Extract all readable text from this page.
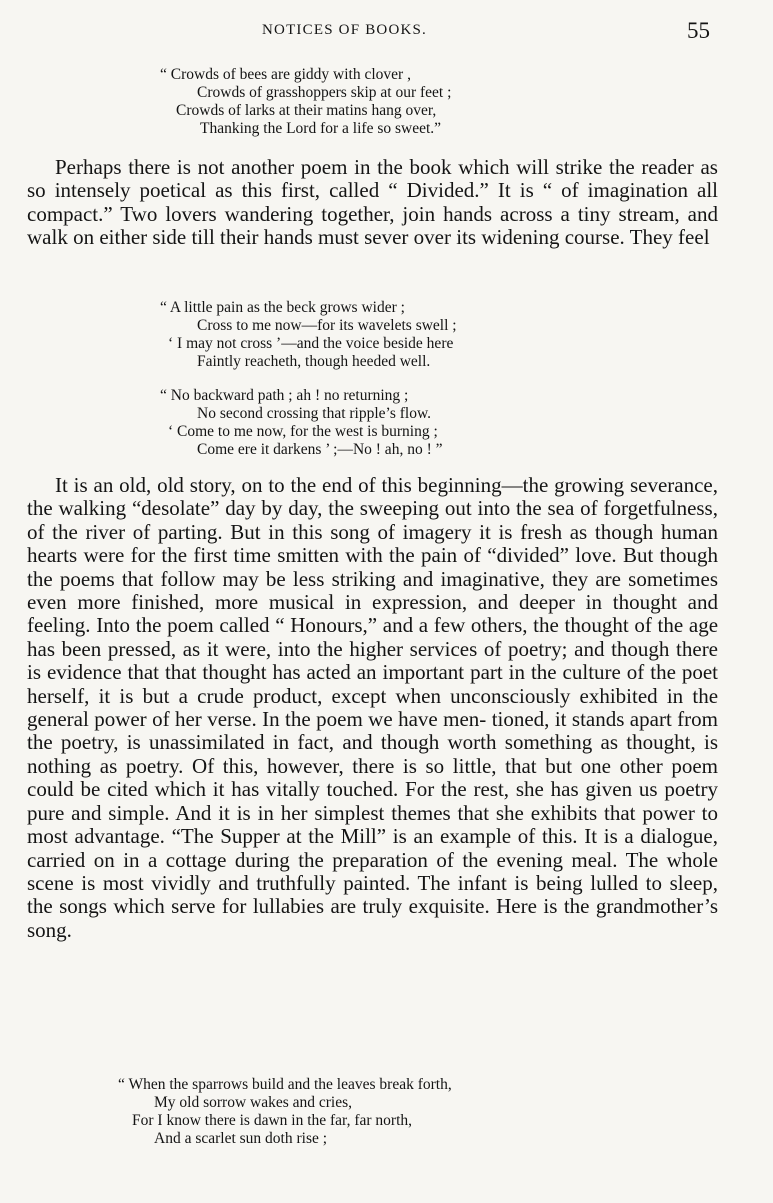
NOTICES OF BOOKS.	55
“ Crowds of bees are giddy with clover ,
Crowds of grasshoppers skip at our feet ;
Crowds of larks at their matins hang over,
Thanking the Lord for a life so sweet.”

Perhaps there is not another poem in the book which will strike the reader as so intensely poetical as this first, called “ Divided.” It is “ of imagination all compact.” Two lovers wandering together, join hands across a tiny stream, and walk on either side till their hands must sever over its widening course. They feel

“ A little pain as the beck grows wider ;
Cross to me now—for its wavelets swell ;
‘ I may not cross ’—and the voice beside here
Faintly reacheth, though heeded well.
“ No backward path ; ah ! no returning ;
No second crossing that ripple’s flow.
‘ Come to me now, for the west is burning ;
Come ere it darkens ’ ;—No ! ah, no ! ”

It is an old, old story, on to the end of this beginning—the growing severance, the walking “desolate” day by day, the sweeping out into the sea of forgetfulness, of the river of parting. But in this song of imagery it is fresh as though human hearts were for the first time smitten with the pain of “divided” love. But though the poems that follow may be less striking and imaginative, they are sometimes even more finished, more musical in expression, and deeper in thought and feeling. Into the poem called “ Honours,” and a few others, the thought of the age has been pressed, as it were, into the higher services of poetry; and though there is evidence that that thought has acted an important part in the culture of the poet herself, it is but a crude product, except when unconsciously exhibited in the general power of her verse. In the poem we have men- tioned, it stands apart from the poetry, is unassimilated in fact, and though worth something as thought, is nothing as poetry. Of this, however, there is so little, that but one other poem could be cited which it has vitally touched. For the rest, she has given us poetry pure and simple. And it is in her simplest themes that she exhibits that power to most advantage. “The Supper at the Mill” is an example of this. It is a dialogue, carried on in a cottage during the preparation of the evening meal. The whole scene is most vividly and truthfully painted. The infant is being lulled to sleep, the songs which serve for lullabies are truly exquisite. Here is the grandmother’s song.

“ When the sparrows build and the leaves break forth,
My old sorrow wakes and cries,
For I know there is dawn in the far, far north,
And a scarlet sun doth rise ;
